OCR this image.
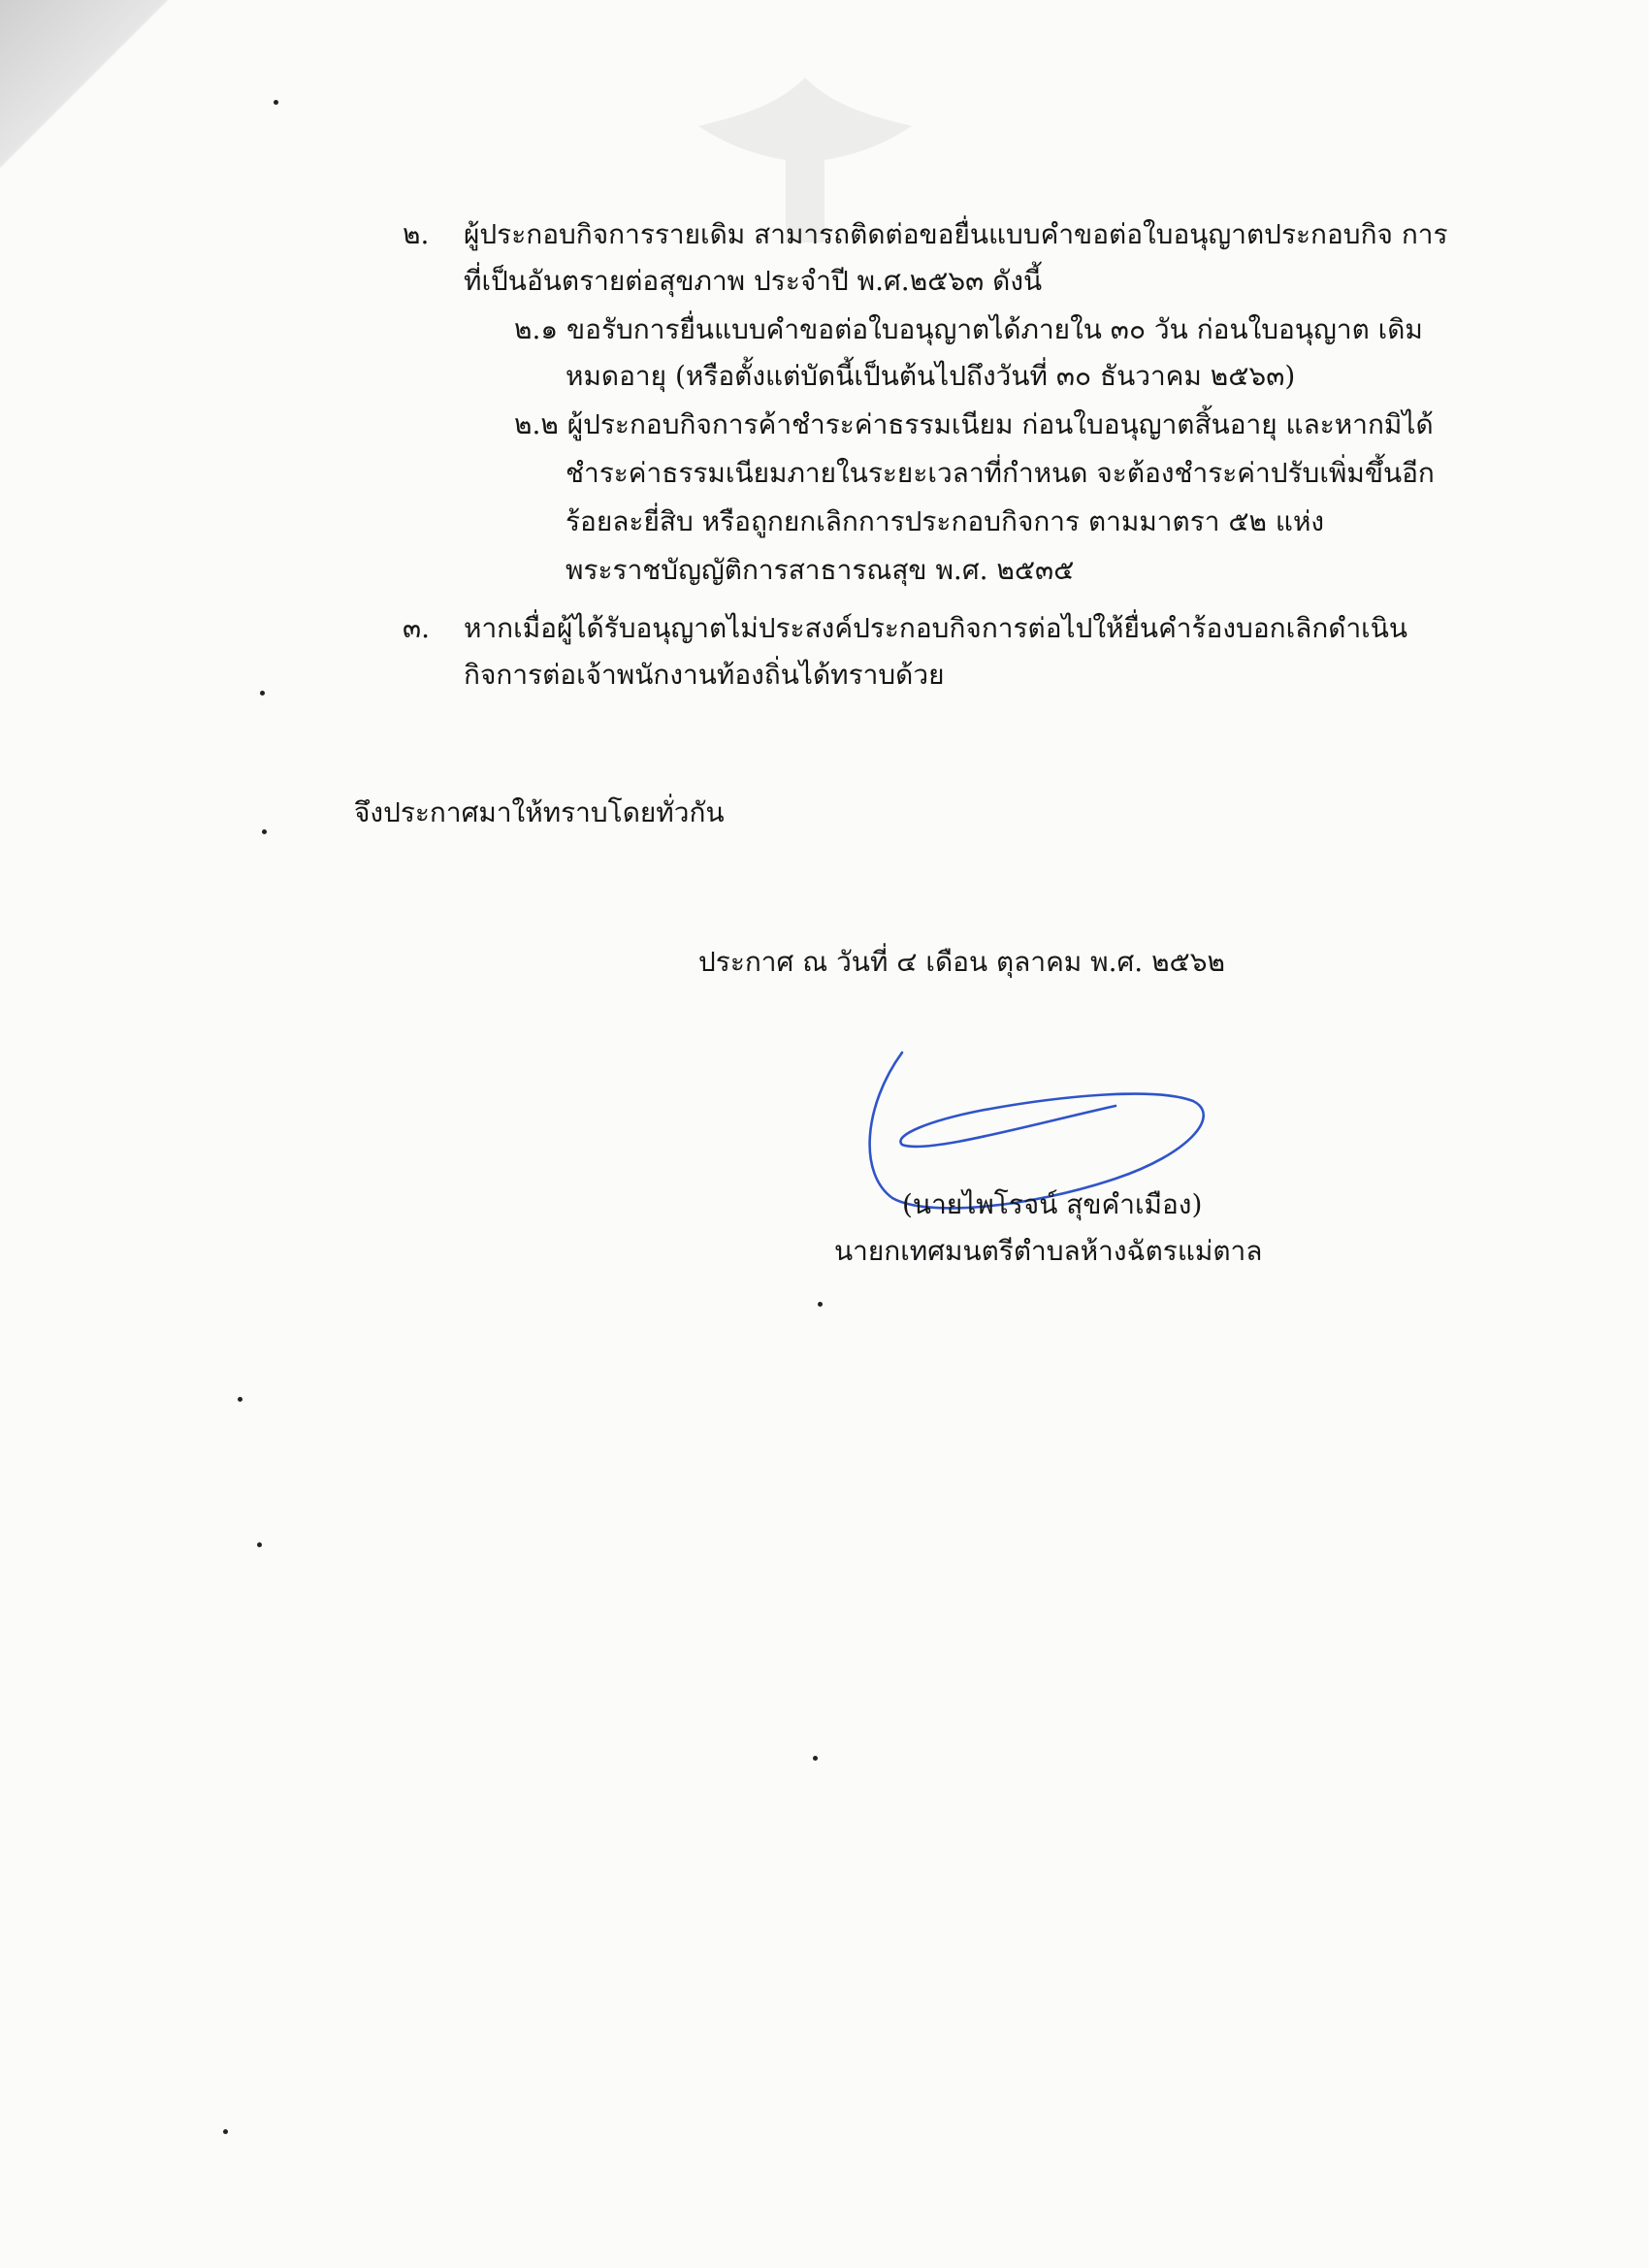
๒. ผู้ประกอบกิจการรายเดิม สามารถติดต่อขอยื่นแบบคำขอต่อใบอนุญาตประกอบกิจ การ
ที่เป็นอันตรายต่อสุขภาพ ประจำปี พ.ศ.๒๕๖๓ ดังนี้
๒.๑ ขอรับการยื่นแบบคำขอต่อใบอนุญาตได้ภายใน ๓๐ วัน ก่อนใบอนุญาต เดิม
หมดอายุ (หรือตั้งแต่บัดนี้เป็นต้นไปถึงวันที่ ๓๐ ธันวาคม ๒๕๖๓)
๒.๒ ผู้ประกอบกิจการค้าชำระค่าธรรมเนียม ก่อนใบอนุญาตสิ้นอายุ และหากมิได้
ชำระค่าธรรมเนียมภายในระยะเวลาที่กำหนด จะต้องชำระค่าปรับเพิ่มขึ้นอีก
ร้อยละยี่สิบ หรือถูกยกเลิกการประกอบกิจการ ตามมาตรา ๕๒ แห่ง
พระราชบัญญัติการสาธารณสุข พ.ศ. ๒๕๓๕
๓. หากเมื่อผู้ได้รับอนุญาตไม่ประสงค์ประกอบกิจการต่อไปให้ยื่นคำร้องบอกเลิกดำเนิน
กิจการต่อเจ้าพนักงานท้องถิ่นได้ทราบด้วย
จึงประกาศมาให้ทราบโดยทั่วกัน
ประกาศ ณ วันที่ ๔ เดือน ตุลาคม พ.ศ. ๒๕๖๒
(นายไพโรจน์ สุขคำเมือง)
นายกเทศมนตรีตำบลห้างฉัตรแม่ตาล
